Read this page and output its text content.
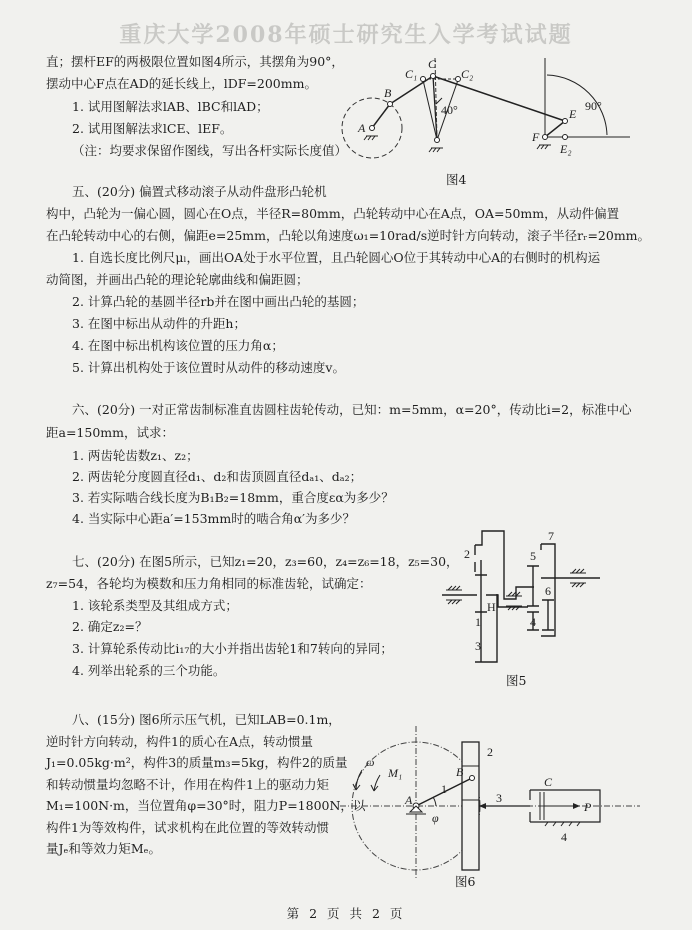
重庆大学2008年硕士研究生入学考试试题
直；摆杆EF的两极限位置如图4所示，其摆角为90°，
摆动中心F点在AD的延长线上，lDF=200mm。
1. 试用图解法求lAB、lBC和lAD；
2. 试用图解法求lCE、lEF。
（注：均要求保留作图线，写出各杆实际长度值）
A
B
C
C₁	C₂
40°	90°
E
E₂
F
图4
五、(20分) 偏置式移动滚子从动件盘形凸轮机
构中，凸轮为一偏心圆，圆心在O点，半径R=80mm，凸轮转动中心在A点，OA=50mm，从动件偏置
在凸轮转动中心的右侧，偏距e=25mm，凸轮以角速度ω₁=10rad/s逆时针方向转动，滚子半径rᵣ=20mm。
1. 自选长度比例尺μₗ，画出OA处于水平位置，且凸轮圆心O位于其转动中心A的右侧时的机构运
动简图，并画出凸轮的理论轮廓曲线和偏距圆；
2. 计算凸轮的基圆半径rb并在图中画出凸轮的基圆；
3. 在图中标出从动件的升距h；
4. 在图中标出机构该位置的压力角α；
5. 计算出机构处于该位置时从动件的移动速度v。
六、(20分) 一对正常齿制标准直齿圆柱齿轮传动，已知：m=5mm，α=20°，传动比i=2，标准中心
距a=150mm，试求：
1. 两齿轮齿数z₁、z₂；
2. 两齿轮分度圆直径d₁、d₂和齿顶圆直径dₐ₁、dₐ₂；
3. 若实际啮合线长度为B₁B₂=18mm，重合度εα为多少？
4. 当实际中心距a′=153mm时的啮合角α′为多少？
七、(20分) 在图5所示，已知z₁=20，z₃=60，z₄=z₆=18，z₅=30，
z₇=54，各轮均为模数和压力角相同的标准齿轮，试确定：
1. 该轮系类型及其组成方式；
2. 确定z₂=？
3. 计算轮系传动比i₁₇的大小并指出齿轮1和7转向的异同；
4. 列举出轮系的三个功能。
7
5
2
6
H
1	4
3
图5
八、(15分) 图6所示压气机，已知LAB=0.1m，
逆时针方向转动，构件1的质心在A点，转动惯量
J₁=0.05kg·m²，构件3的质量m₃=5kg，构件2的质量
和转动惯量均忽略不计，作用在构件1上的驱动力矩
M₁=100N·m，当位置角φ=30°时，阻力P=1800N，以
构件1为等效构件，试求机构在此位置的等效转动惯
量Jₑ和等效力矩Mₑ。
ω
M₁
A
B
1
2
3
4
φ
C
P
图6
第 2 页 共 2 页
